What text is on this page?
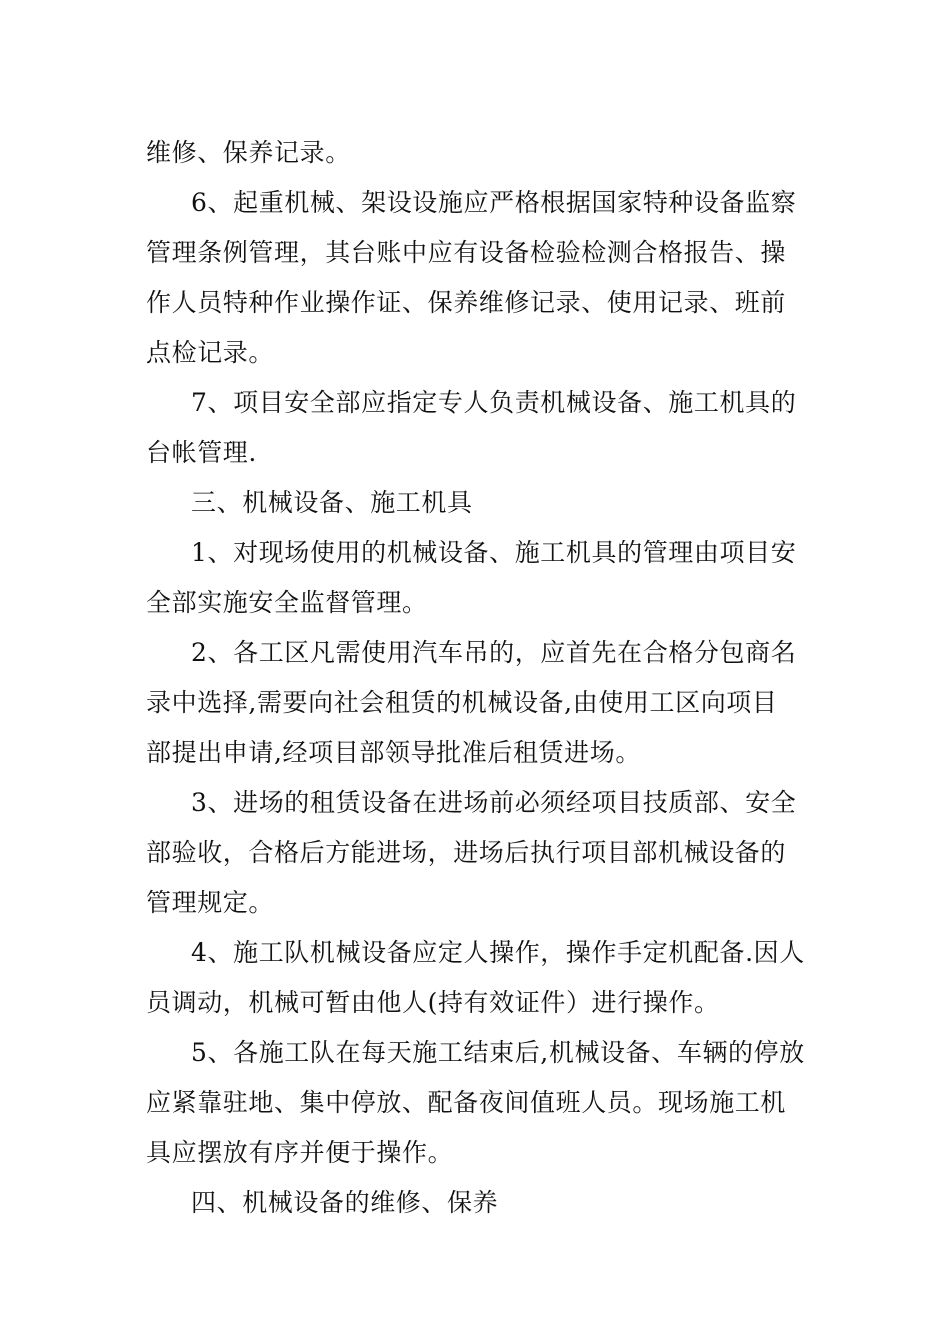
维修、保养记录。
6、起重机械、架设设施应严格根据国家特种设备监察
管理条例管理，其台账中应有设备检验检测合格报告、操
作人员特种作业操作证、保养维修记录、使用记录、班前
点检记录。
7、项目安全部应指定专人负责机械设备、施工机具的
台帐管理.
三、机械设备、施工机具
1、对现场使用的机械设备、施工机具的管理由项目安
全部实施安全监督管理。
2、各工区凡需使用汽车吊的，应首先在合格分包商名
录中选择,需要向社会租赁的机械设备,由使用工区向项目
部提出申请,经项目部领导批准后租赁进场。
3、进场的租赁设备在进场前必须经项目技质部、安全
部验收，合格后方能进场，进场后执行项目部机械设备的
管理规定。
4、施工队机械设备应定人操作，操作手定机配备.因人
员调动，机械可暂由他人(持有效证件）进行操作。
5、各施工队在每天施工结束后,机械设备、车辆的停放
应紧靠驻地、集中停放、配备夜间值班人员。现场施工机
具应摆放有序并便于操作。
四、机械设备的维修、保养
